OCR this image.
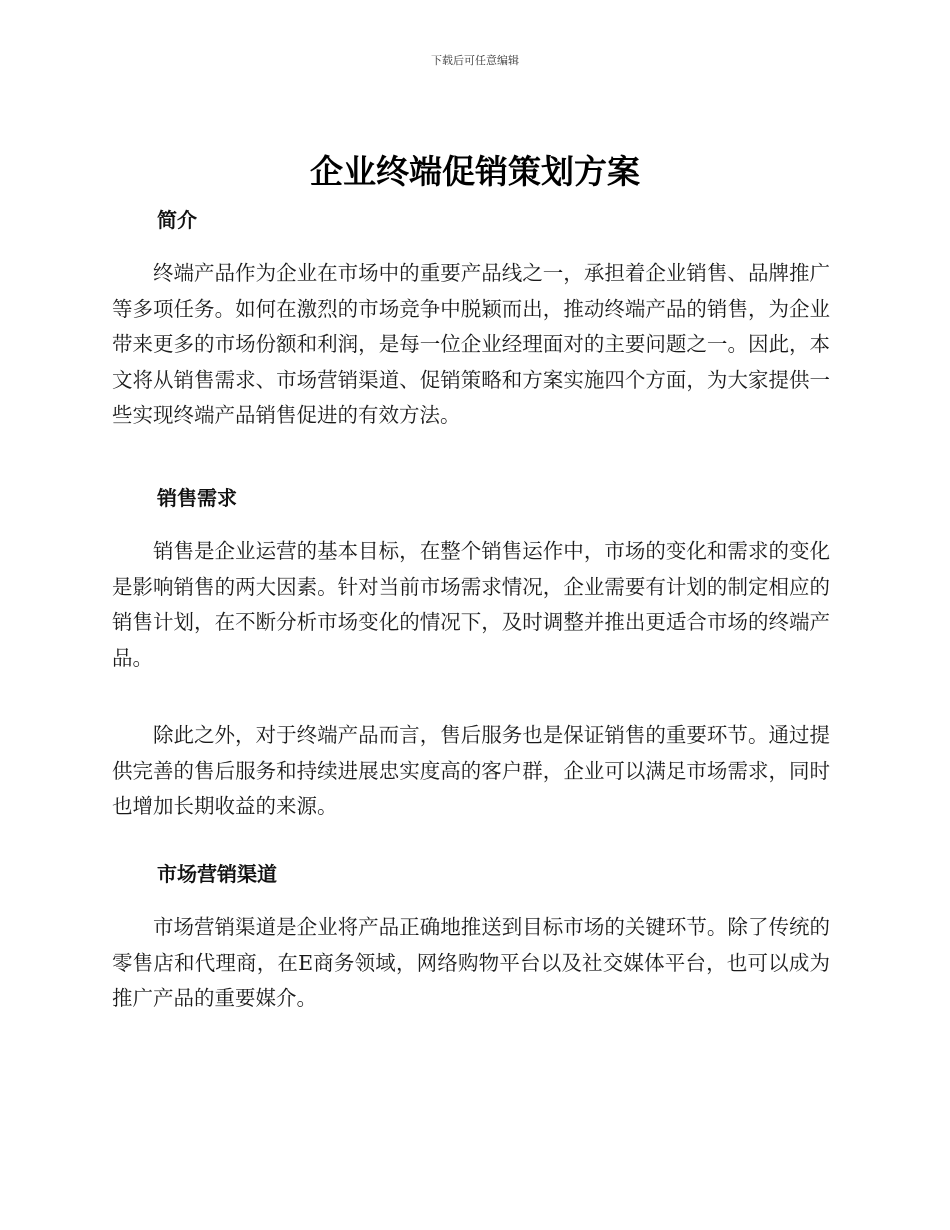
下载后可任意编辑
企业终端促销策划方案
简介

终端产品作为企业在市场中的重要产品线之一，承担着企业销售、品牌推广等多项任务。如何在激烈的市场竞争中脱颖而出，推动终端产品的销售，为企业带来更多的市场份额和利润，是每一位企业经理面对的主要问题之一。因此，本文将从销售需求、市场营销渠道、促销策略和方案实施四个方面，为大家提供一些实现终端产品销售促进的有效方法。

销售需求

销售是企业运营的基本目标，在整个销售运作中，市场的变化和需求的变化是影响销售的两大因素。针对当前市场需求情况，企业需要有计划的制定相应的销售计划，在不断分析市场变化的情况下，及时调整并推出更适合市场的终端产品。

除此之外，对于终端产品而言，售后服务也是保证销售的重要环节。通过提供完善的售后服务和持续进展忠实度高的客户群，企业可以满足市场需求，同时也增加长期收益的来源。

市场营销渠道

市场营销渠道是企业将产品正确地推送到目标市场的关键环节。除了传统的零售店和代理商，在E商务领域，网络购物平台以及社交媒体平台，也可以成为推广产品的重要媒介。
